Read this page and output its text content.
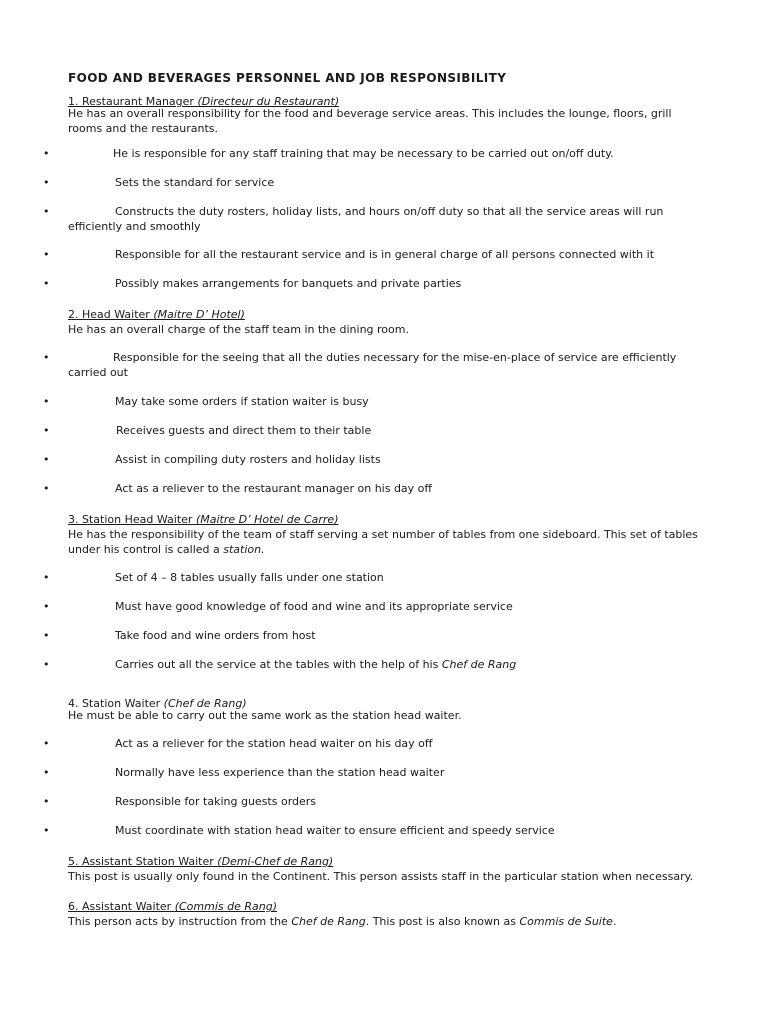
FOOD AND BEVERAGES PERSONNEL AND JOB RESPONSIBILITY
1. Restaurant Manager (Directeur du Restaurant)
He has an overall responsibility for the food and beverage service areas. This includes the lounge, floors, grill rooms and the restaurants.
•	He is responsible for any staff training that may be necessary to be carried out on/off duty.
•	Sets the standard for service
•	Constructs the duty rosters, holiday lists, and hours on/off duty so that all the service areas will run efficiently and smoothly
•	Responsible for all the restaurant service and is in general charge of all persons connected with it
•	Possibly makes arrangements for banquets and private parties
2. Head Waiter (Maitre D’ Hotel)
He has an overall charge of the staff team in the dining room.
•	Responsible for the seeing that all the duties necessary for the mise-en-place of service are efficiently carried out
•	May take some orders if station waiter is busy
•	Receives guests and direct them to their table
•	Assist in compiling duty rosters and holiday lists
•	Act as a reliever to the restaurant manager on his day off
3. Station Head Waiter (Maitre D’ Hotel de Carre)
He has the responsibility of the team of staff serving a set number of tables from one sideboard. This set of tables under his control is called a station.
•	Set of 4 – 8 tables usually falls under one station
•	Must have good knowledge of food and wine and its appropriate service
•	Take food and wine orders from host
•	Carries out all the service at the tables with the help of his Chef de Rang
4. Station Waiter (Chef de Rang)
He must be able to carry out the same work as the station head waiter.
•	Act as a reliever for the station head waiter on his day off
•	Normally have less experience than the station head waiter
•	Responsible for taking guests orders
•	Must coordinate with station head waiter to ensure efficient and speedy service
5. Assistant Station Waiter (Demi-Chef de Rang)
This post is usually only found in the Continent. This person assists staff in the particular station when necessary.
6. Assistant Waiter (Commis de Rang)
This person acts by instruction from the Chef de Rang. This post is also known as Commis de Suite.
